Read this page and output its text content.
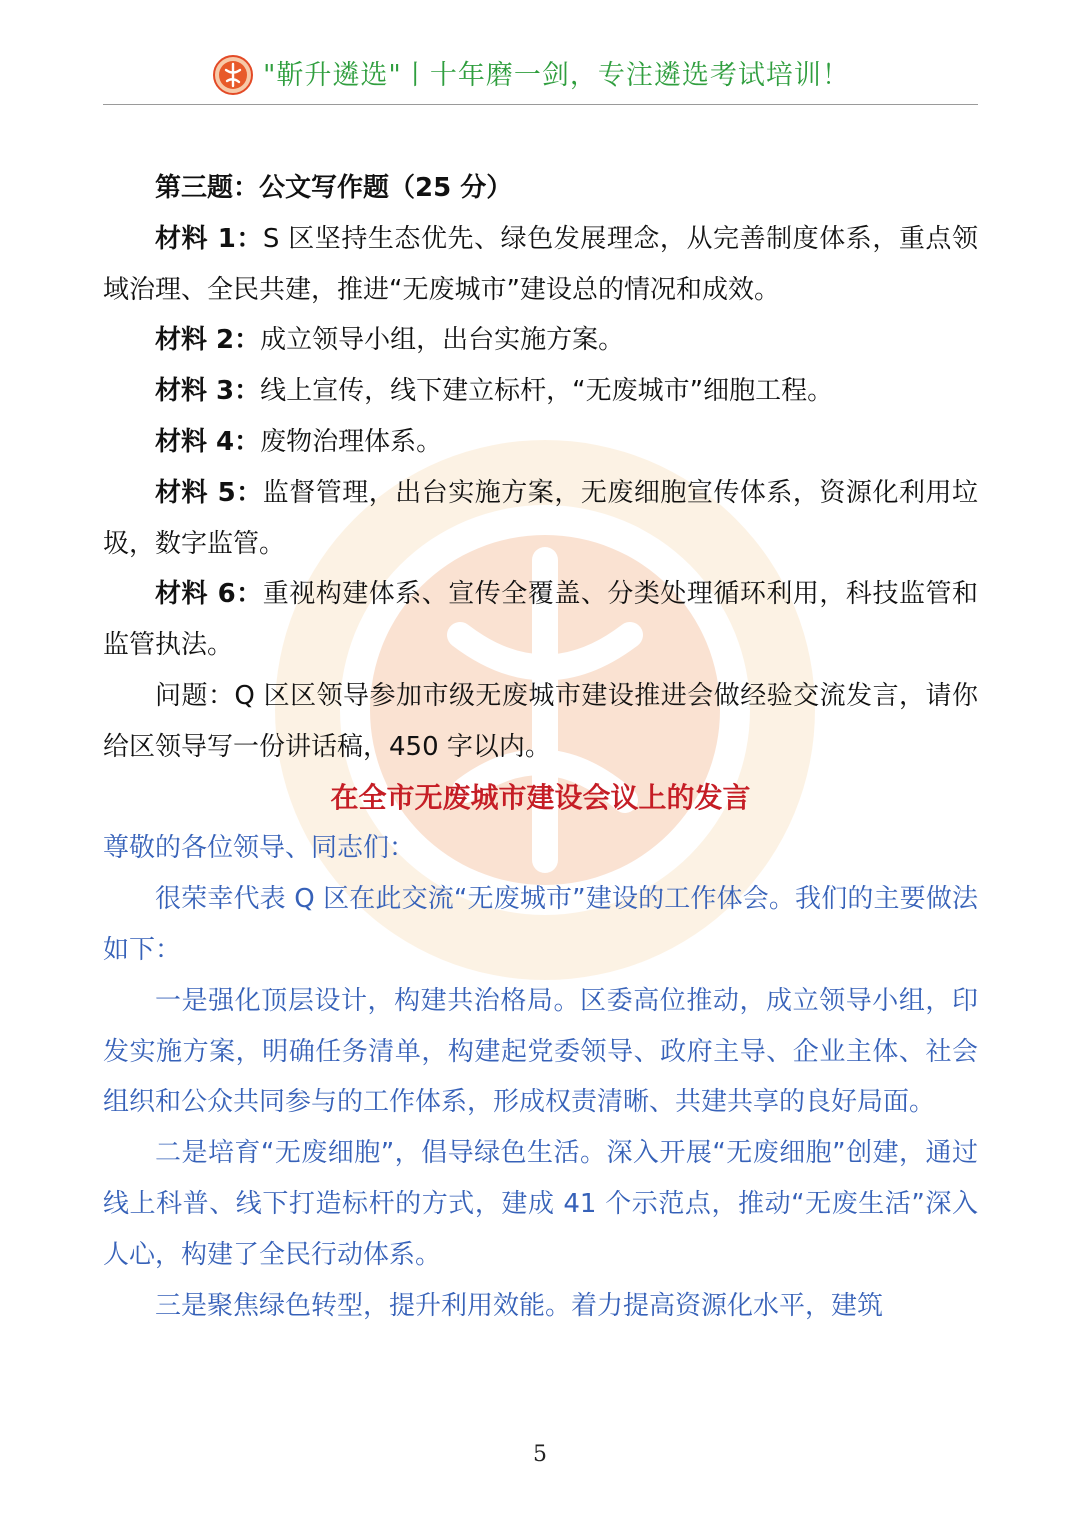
"靳升遴选"丨十年磨一剑，专注遴选考试培训！

第三题：公文写作题（25 分）

材料 1：S 区坚持生态优先、绿色发展理念，从完善制度体系，重点领域治理、全民共建，推进“无废城市”建设总的情况和成效。

材料 2：成立领导小组，出台实施方案。

材料 3：线上宣传，线下建立标杆，“无废城市”细胞工程。

材料 4：废物治理体系。

材料 5：监督管理，出台实施方案，无废细胞宣传体系，资源化利用垃圾，数字监管。

材料 6：重视构建体系、宣传全覆盖、分类处理循环利用，科技监管和监管执法。

问题：Q 区区领导参加市级无废城市建设推进会做经验交流发言，请你给区领导写一份讲话稿，450 字以内。

在全市无废城市建设会议上的发言

尊敬的各位领导、同志们：

很荣幸代表 Q 区在此交流“无废城市”建设的工作体会。我们的主要做法如下：

一是强化顶层设计，构建共治格局。区委高位推动，成立领导小组，印发实施方案，明确任务清单，构建起党委领导、政府主导、企业主体、社会组织和公众共同参与的工作体系，形成权责清晰、共建共享的良好局面。

二是培育“无废细胞”，倡导绿色生活。深入开展“无废细胞”创建，通过线上科普、线下打造标杆的方式，建成 41 个示范点，推动“无废生活”深入人心，构建了全民行动体系。

三是聚焦绿色转型，提升利用效能。着力提高资源化水平，建筑

5
